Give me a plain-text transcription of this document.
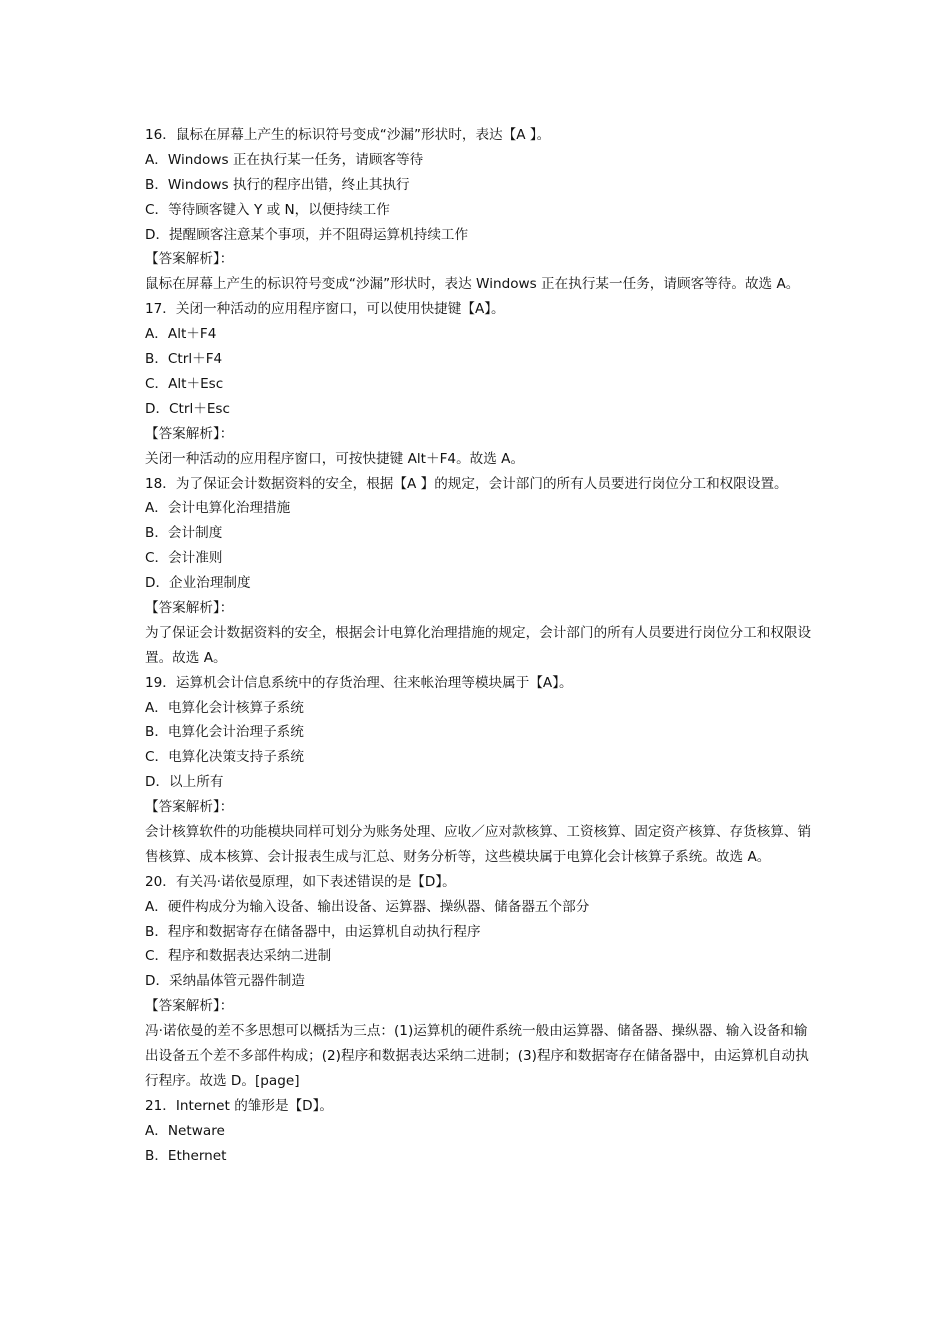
16．鼠标在屏幕上产生的标识符号变成“沙漏”形状时，表达【A 】。
A．Windows 正在执行某一任务，请顾客等待
B．Windows 执行的程序出错，终止其执行
C．等待顾客键入 Y 或 N，以便持续工作
D．提醒顾客注意某个事项，并不阻碍运算机持续工作
【答案解析】：
鼠标在屏幕上产生的标识符号变成“沙漏”形状时，表达 Windows 正在执行某一任务，请顾客等待。故选 A。
17．关闭一种活动的应用程序窗口，可以使用快捷键【A】。
A．Alt＋F4
B．Ctrl＋F4
C．Alt＋Esc
D．Ctrl＋Esc
【答案解析】：
关闭一种活动的应用程序窗口，可按快捷键 Alt＋F4。故选 A。
18．为了保证会计数据资料的安全，根据【A 】的规定，会计部门的所有人员要进行岗位分工和权限设置。
A．会计电算化治理措施
B．会计制度
C．会计准则
D．企业治理制度
【答案解析】：
为了保证会计数据资料的安全，根据会计电算化治理措施的规定，会计部门的所有人员要进行岗位分工和权限设置。故选 A。
19．运算机会计信息系统中的存货治理、往来帐治理等模块属于【A】。
A．电算化会计核算子系统
B．电算化会计治理子系统
C．电算化决策支持子系统
D．以上所有
【答案解析】：
会计核算软件的功能模块同样可划分为账务处理、应收／应对款核算、工资核算、固定资产核算、存货核算、销售核算、成本核算、会计报表生成与汇总、财务分析等，这些模块属于电算化会计核算子系统。故选 A。
20．有关冯·诺依曼原理，如下表述错误的是【D】。
A．硬件构成分为输入设备、输出设备、运算器、操纵器、储备器五个部分
B．程序和数据寄存在储备器中，由运算机自动执行程序
C．程序和数据表达采纳二进制
D．采纳晶体管元器件制造
【答案解析】：
冯·诺依曼的差不多思想可以概括为三点：(1)运算机的硬件系统一般由运算器、储备器、操纵器、输入设备和输出设备五个差不多部件构成；(2)程序和数据表达采纳二进制；(3)程序和数据寄存在储备器中，由运算机自动执行程序。故选 D。[page]
21．Internet 的雏形是【D】。
A．Netware
B．Ethernet
